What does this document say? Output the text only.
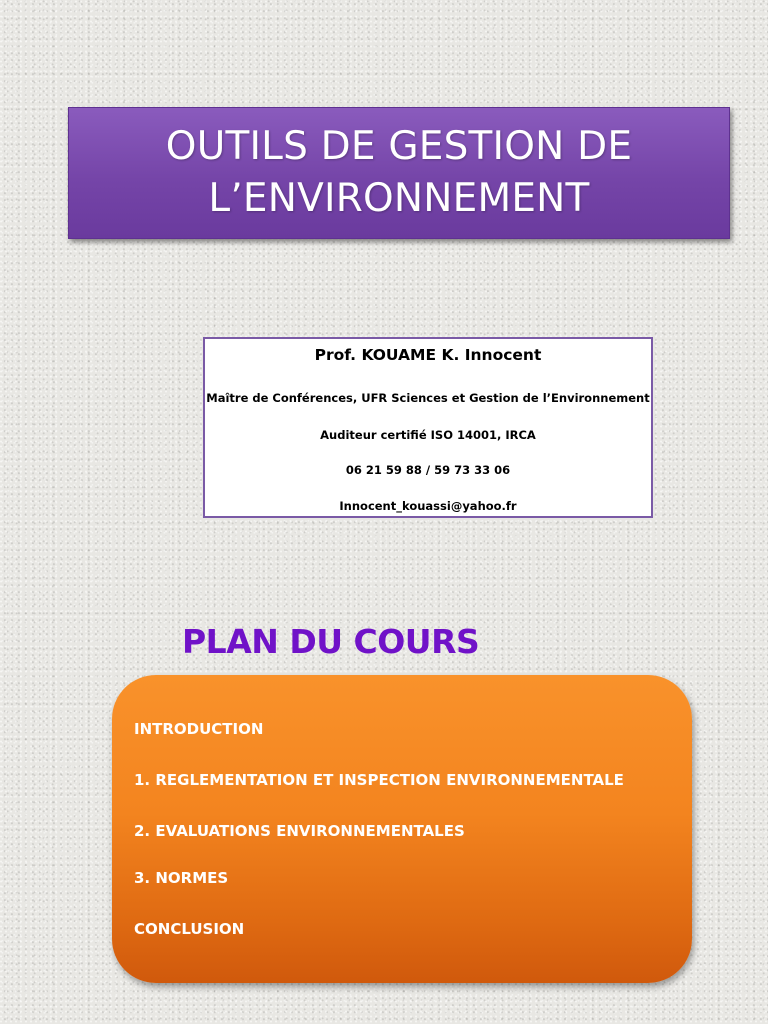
OUTILS DE GESTION DE
L’ENVIRONNEMENT
Prof. KOUAME K. Innocent
Maître de Conférences, UFR Sciences et Gestion de l’Environnement
Auditeur certifié ISO 14001, IRCA
06 21 59 88 / 59 73 33 06
Innocent_kouassi@yahoo.fr
PLAN DU COURS
INTRODUCTION
1. REGLEMENTATION ET INSPECTION ENVIRONNEMENTALE
2. EVALUATIONS ENVIRONNEMENTALES
3. NORMES
CONCLUSION
